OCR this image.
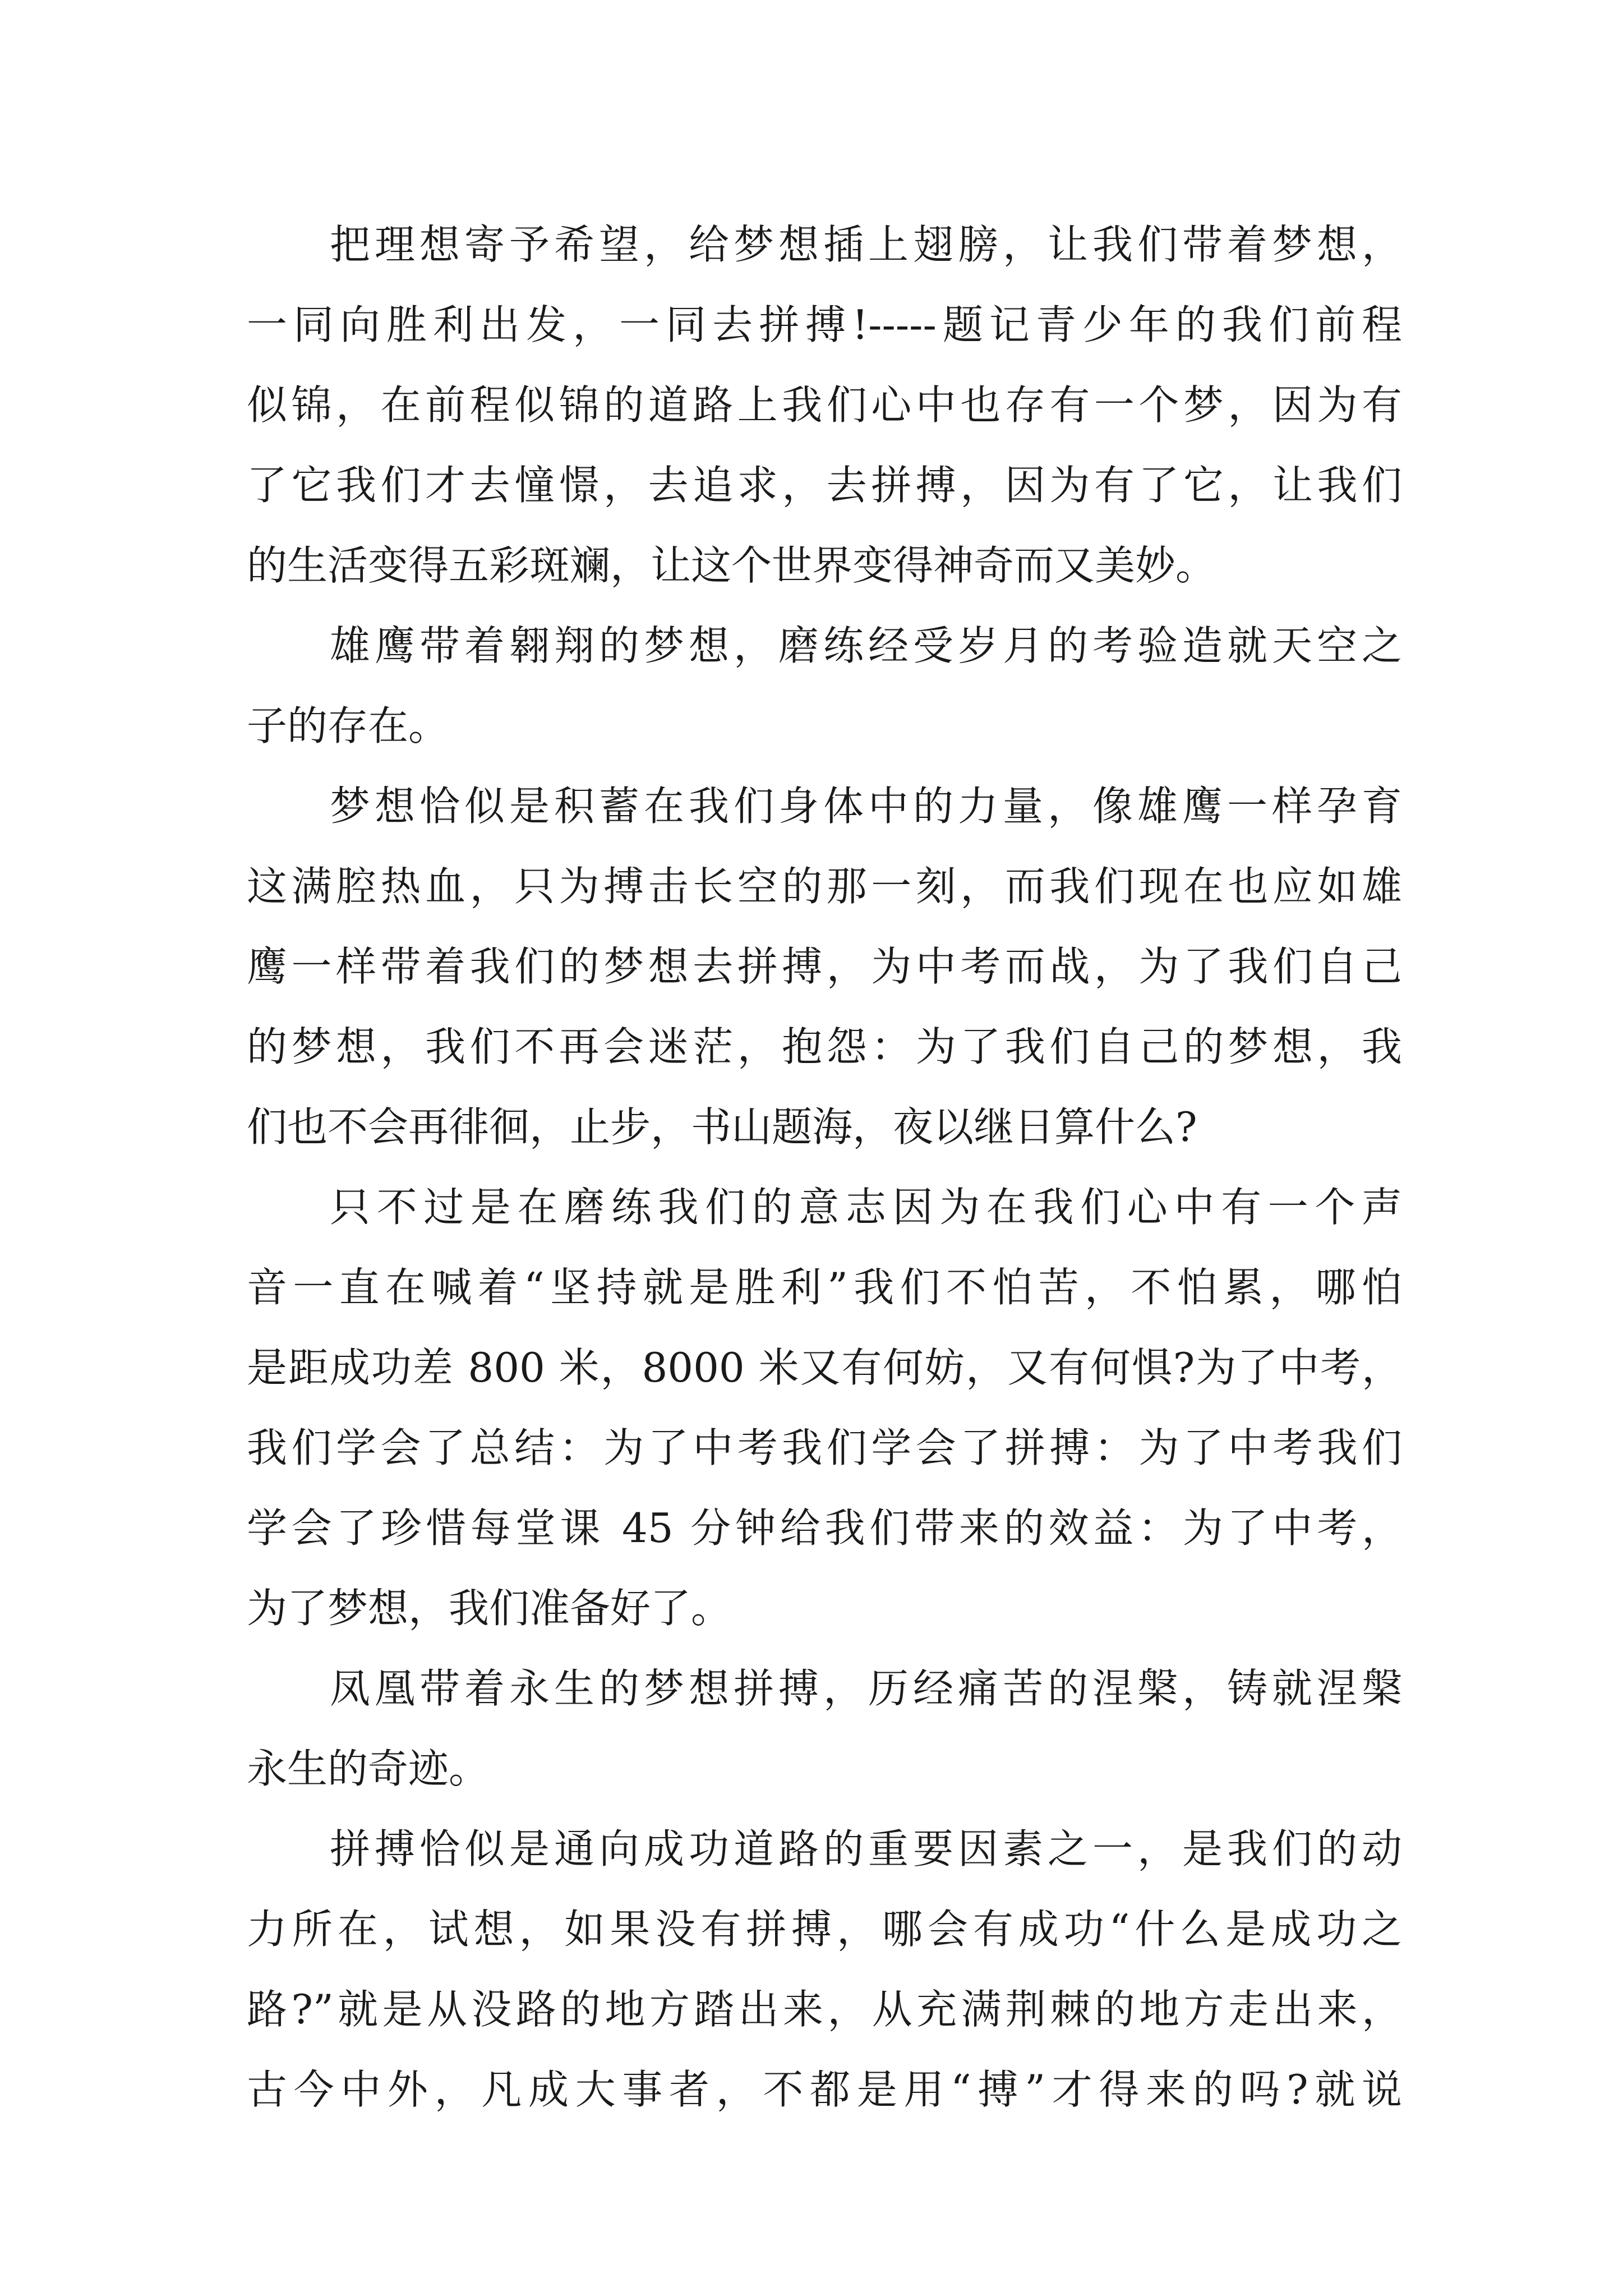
把理想寄予希望，给梦想插上翅膀，让我们带着梦想，
一同向胜利出发，一同去拼搏!-----题记青少年的我们前程
似锦，在前程似锦的道路上我们心中也存有一个梦，因为有
了它我们才去憧憬，去追求，去拼搏，因为有了它，让我们
的生活变得五彩斑斓，让这个世界变得神奇而又美妙。
雄鹰带着翱翔的梦想，磨练经受岁月的考验造就天空之
子的存在。
梦想恰似是积蓄在我们身体中的力量，像雄鹰一样孕育
这满腔热血，只为搏击长空的那一刻，而我们现在也应如雄
鹰一样带着我们的梦想去拼搏，为中考而战，为了我们自己
的梦想，我们不再会迷茫，抱怨：为了我们自己的梦想，我
们也不会再徘徊，止步，书山题海，夜以继日算什么?
只不过是在磨练我们的意志因为在我们心中有一个声
音一直在喊着“坚持就是胜利”我们不怕苦，不怕累，哪怕
是距成功差 800 米，8000 米又有何妨，又有何惧?为了中考，
我们学会了总结：为了中考我们学会了拼搏：为了中考我们
学会了珍惜每堂课 45 分钟给我们带来的效益：为了中考，
为了梦想，我们准备好了。
凤凰带着永生的梦想拼搏，历经痛苦的涅槃，铸就涅槃
永生的奇迹。
拼搏恰似是通向成功道路的重要因素之一，是我们的动
力所在，试想，如果没有拼搏，哪会有成功“什么是成功之
路?”就是从没路的地方踏出来，从充满荆棘的地方走出来，
古今中外，凡成大事者，不都是用“搏”才得来的吗?就说
